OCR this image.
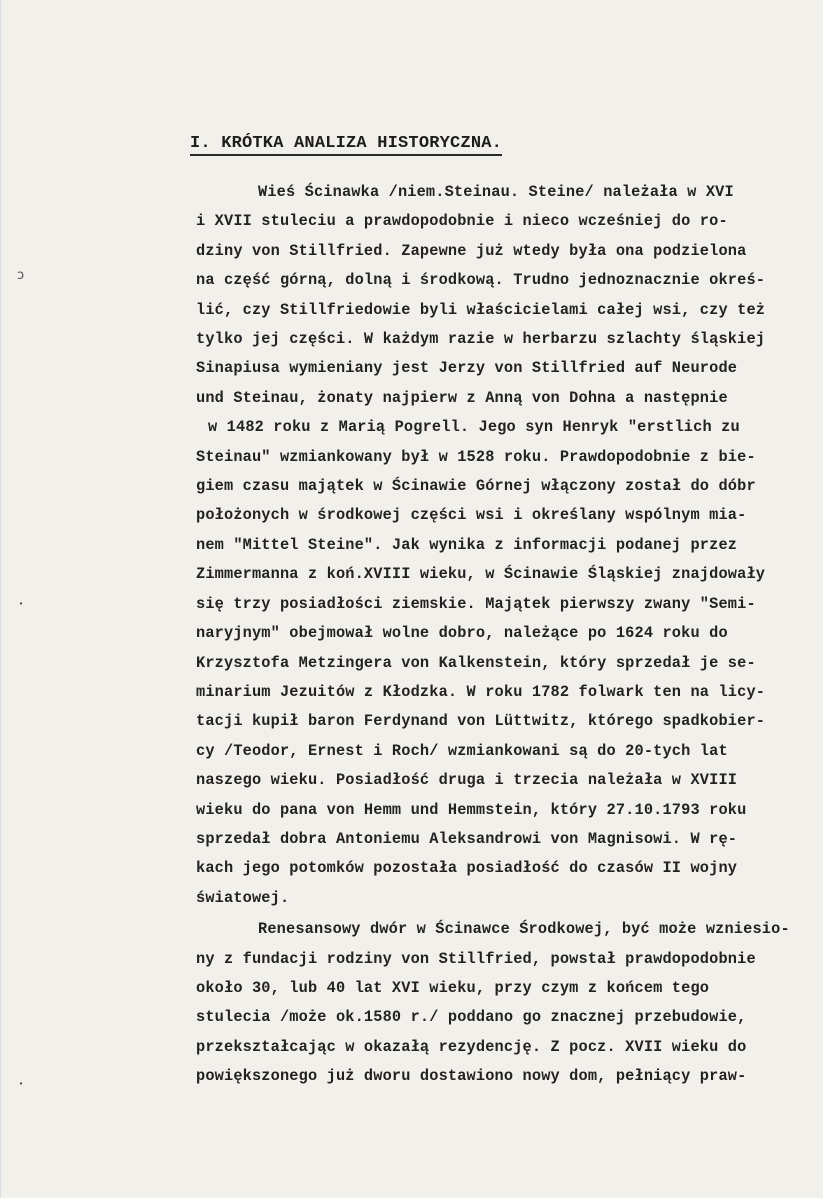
ↄ
ꞏ
ꞏ
I. KRÓTKA ANALIZA HISTORYCZNA.
Wieś Ścinawka /niem.Steinau. Steine/ należała w XVI
i XVII stuleciu a prawdopodobnie i nieco wcześniej do ro-
dziny von Stillfried. Zapewne już wtedy była ona podzielona
na część górną, dolną i środkową. Trudno jednoznacznie okreś-
lić, czy Stillfriedowie byli właścicielami całej wsi, czy też
tylko jej części. W każdym razie w herbarzu szlachty śląskiej
Sinapiusa wymieniany jest Jerzy von Stillfried auf Neurode
und Steinau, żonaty najpierw z Anną von Dohna a następnie
w 1482 roku z Marią Pogrell. Jego syn Henryk "erstlich zu
Steinau" wzmiankowany był w 1528 roku. Prawdopodobnie z bie-
giem czasu majątek w Ścinawie Górnej włączony został do dóbr
położonych w środkowej części wsi i określany wspólnym mia-
nem "Mittel Steine". Jak wynika z informacji podanej przez
Zimmermanna z koń.XVIII wieku, w Ścinawie Śląskiej znajdowały
się trzy posiadłości ziemskie. Majątek pierwszy zwany "Semi-
naryjnym" obejmował wolne dobro, należące po 1624 roku do
Krzysztofa Metzingera von Kalkenstein, który sprzedał je se-
minarium Jezuitów z Kłodzka. W roku 1782 folwark ten na licy-
tacji kupił baron Ferdynand von Lüttwitz, którego spadkobier-
cy /Teodor, Ernest i Roch/ wzmiankowani są do 20-tych lat
naszego wieku. Posiadłość druga i trzecia należała w XVIII
wieku do pana von Hemm und Hemmstein, który 27.10.1793 roku
sprzedał dobra Antoniemu Aleksandrowi von Magnisowi. W rę-
kach jego potomków pozostała posiadłość do czasów II wojny
światowej.
Renesansowy dwór w Ścinawce Środkowej, być może wzniesio-
ny z fundacji rodziny von Stillfried, powstał prawdopodobnie
około 30, lub 40 lat XVI wieku, przy czym z końcem tego
stulecia /może ok.1580 r./ poddano go znacznej przebudowie,
przekształcając w okazałą rezydencję. Z pocz. XVII wieku do
powiększonego już dworu dostawiono nowy dom, pełniący praw-
